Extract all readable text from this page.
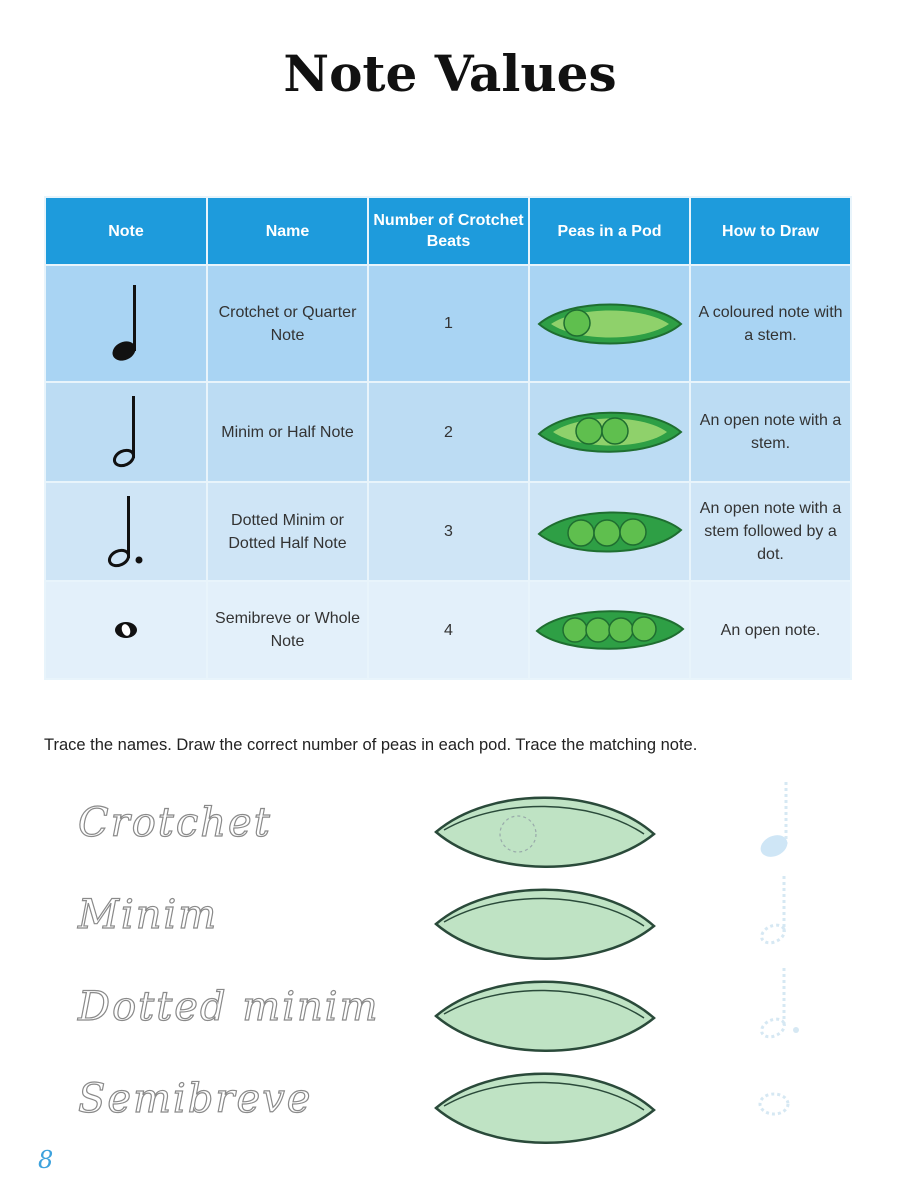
Note Values
Note	Name	Number of Crotchet Beats	Peas in a Pod	How to Draw

	Crotchet or Quarter Note	1		A coloured note with a stem.

	Minim or Half Note	2		An open note with a stem.

	Dotted Minim or Dotted Half Note	3		An open note with a stem followed by a dot.

	Semibreve or Whole Note	4		An open note.

Trace the names. Draw the correct number of peas in each pod. Trace the matching note.

Crotchet
Minim
Dotted minim
Semibreve
8
